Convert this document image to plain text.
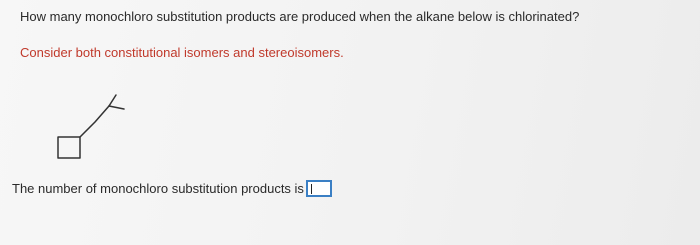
How many monochloro substitution products are produced when the alkane below is chlorinated?
Consider both constitutional isomers and stereoisomers.
The number of monochloro substitution products is
